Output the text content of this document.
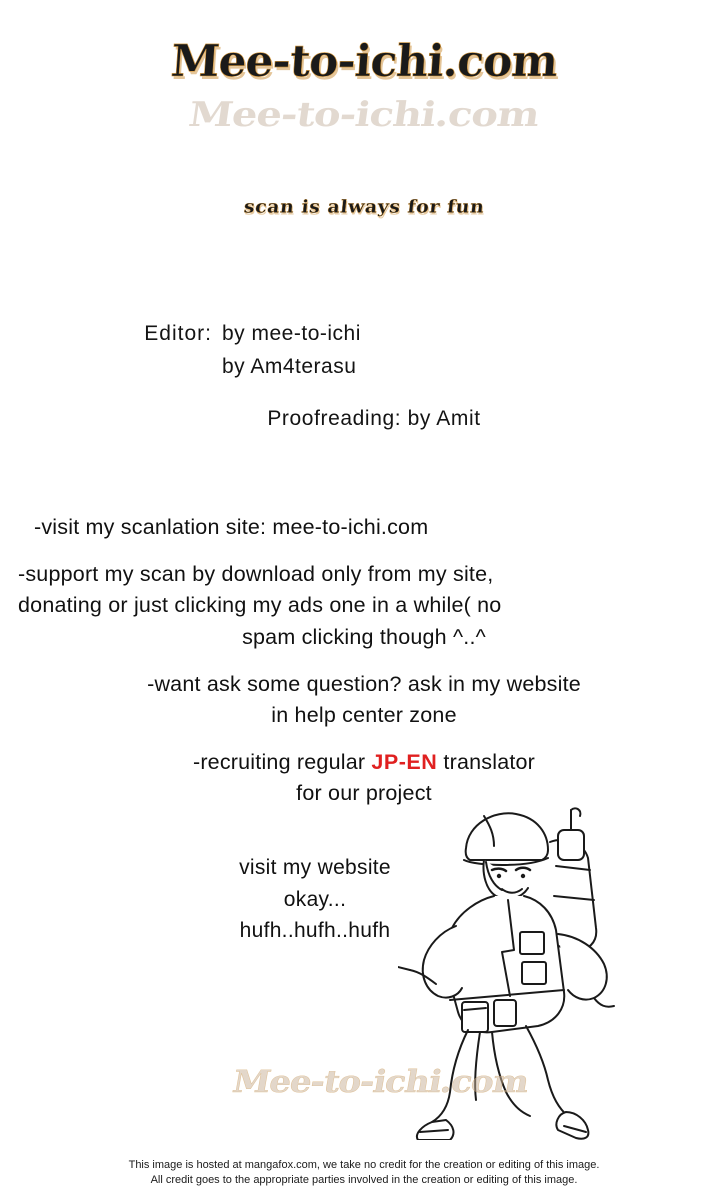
Mee-to-ichi.com Mee-to-ichi.com
scan is always for fun
Editor: by mee-to-ichi
by Am4terasu
Proofreading: by Amit
-visit my scanlation site: mee-to-ichi.com
-support my scan by download only from my site,
donating or just clicking my ads one in a while( no
spam clicking though ^..^
-want ask some question? ask in my website
in help center zone
-recruiting regular JP-EN translator
for our project
visit my website
okay...
hufh..hufh..hufh
Mee-to-ichi.com
This image is hosted at mangafox.com, we take no credit for the creation or editing of this image.
All credit goes to the appropriate parties involved in the creation or editing of this image.
